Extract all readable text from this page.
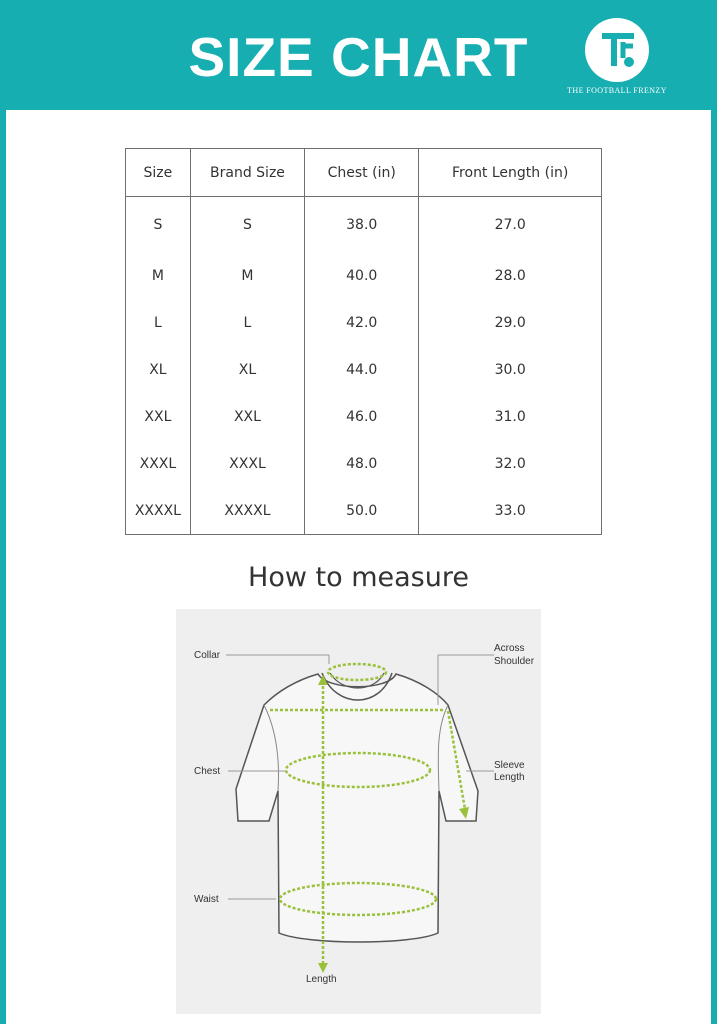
SIZE CHART
THE FOOTBALL FRENZY
Size	Brand Size	Chest (in)	Front Length (in)
S	S	38.0	27.0
M	M	40.0	28.0
L	L	42.0	29.0
XL	XL	44.0	30.0
XXL	XXL	46.0	31.0
XXXL	XXXL	48.0	32.0
XXXXL	XXXXL	50.0	33.0
How to measure
Collar
Across
Shoulder
Chest
Sleeve
Length
Waist
Length
